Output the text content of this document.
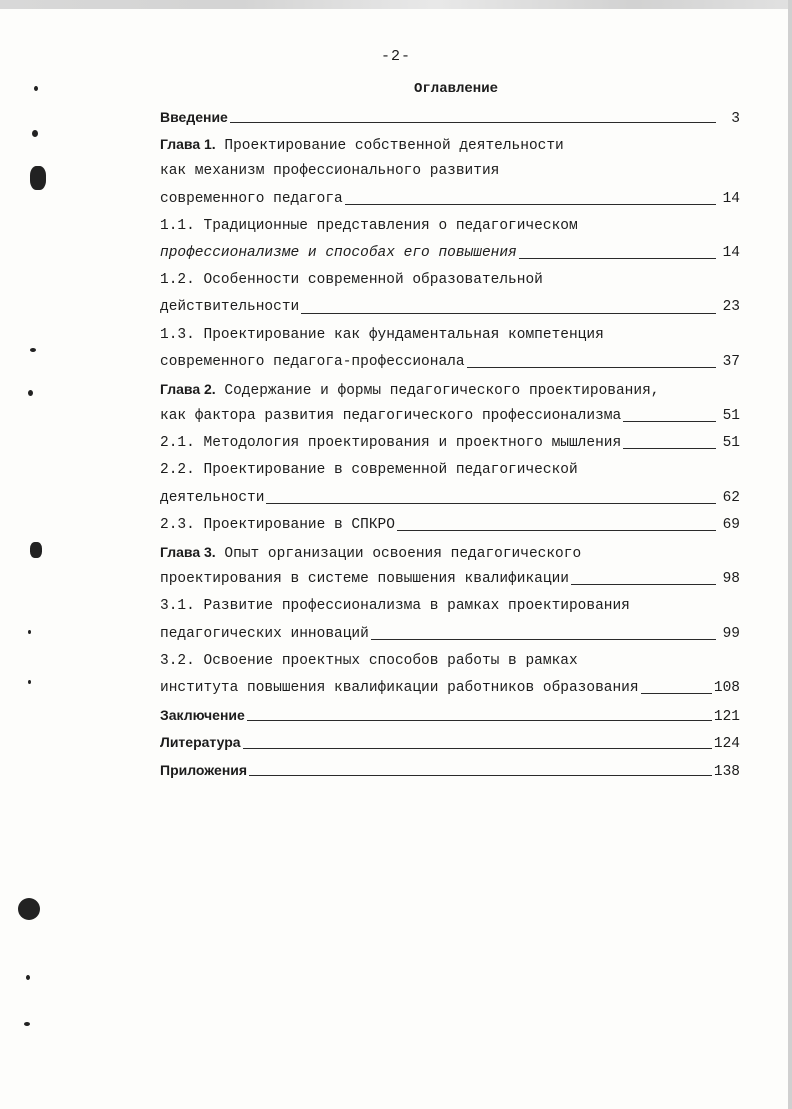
-2-
Оглавление
Введение	3
Глава 1. Проектирование собственной деятельности
как механизм профессионального развития
современного педагога	14
1.1. Традиционные представления о педагогическом
профессионализме и способах его повышения	14
1.2. Особенности современной образовательной
действительности	23
1.3. Проектирование как фундаментальная компетенция
современного педагога-профессионала	37
Глава 2. Содержание и формы педагогического проектирования,
как фактора развития педагогического профессионализма	51
2.1. Методология проектирования и проектного мышления	51
2.2. Проектирование в современной педагогической
деятельности	62
2.3. Проектирование в СПКРО	69
Глава 3. Опыт организации освоения педагогического
проектирования в системе повышения квалификации	98
3.1. Развитие профессионализма в рамках проектирования
педагогических инноваций	99
3.2. Освоение проектных способов работы в рамках
института повышения квалификации работников образования	108
Заключение	121
Литература	124
Приложения	138
